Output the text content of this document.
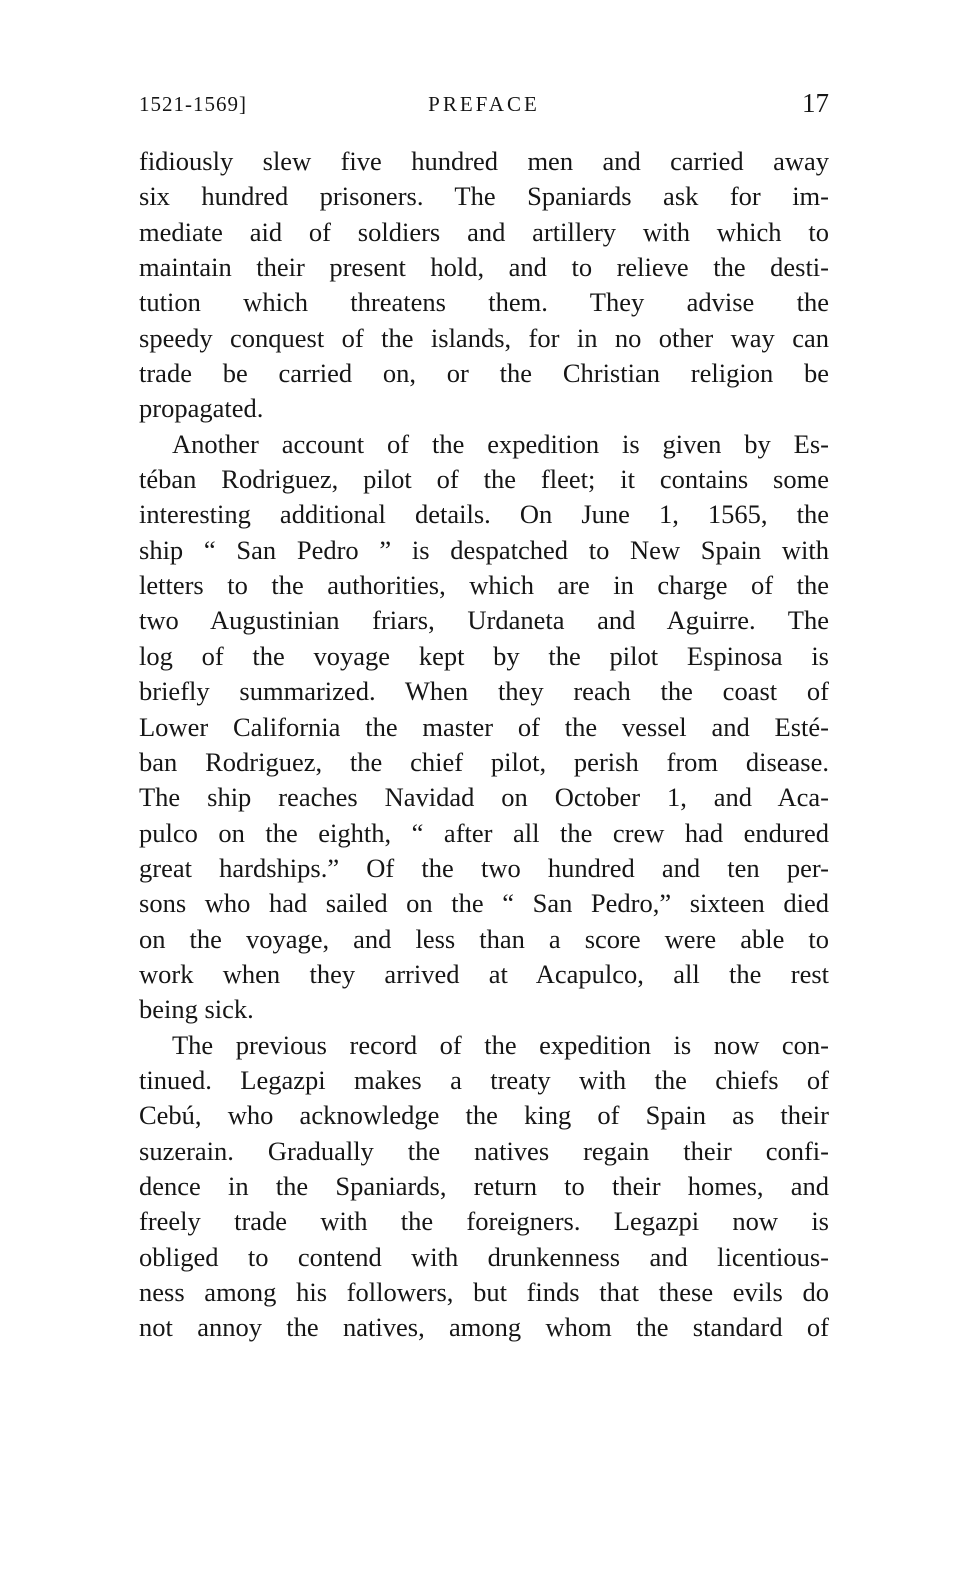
1521-1569]	PREFACE	17
fidiously slew five hundred men and carried away
six hundred prisoners. The Spaniards ask for im-
mediate aid of soldiers and artillery with which to
maintain their present hold, and to relieve the desti-
tution which threatens them. They advise the
speedy conquest of the islands, for in no other way can
trade be carried on, or the Christian religion be
propagated.
Another account of the expedition is given by Es-
téban Rodriguez, pilot of the fleet; it contains some
interesting additional details. On June 1, 1565, the
ship “ San Pedro ” is despatched to New Spain with
letters to the authorities, which are in charge of the
two Augustinian friars, Urdaneta and Aguirre. The
log of the voyage kept by the pilot Espinosa is
briefly summarized. When they reach the coast of
Lower California the master of the vessel and Esté-
ban Rodriguez, the chief pilot, perish from disease.
The ship reaches Navidad on October 1, and Aca-
pulco on the eighth, “ after all the crew had endured
great hardships.” Of the two hundred and ten per-
sons who had sailed on the “ San Pedro,” sixteen died
on the voyage, and less than a score were able to
work when they arrived at Acapulco, all the rest
being sick.
The previous record of the expedition is now con-
tinued. Legazpi makes a treaty with the chiefs of
Cebú, who acknowledge the king of Spain as their
suzerain. Gradually the natives regain their confi-
dence in the Spaniards, return to their homes, and
freely trade with the foreigners. Legazpi now is
obliged to contend with drunkenness and licentious-
ness among his followers, but finds that these evils do
not annoy the natives, among whom the standard of
